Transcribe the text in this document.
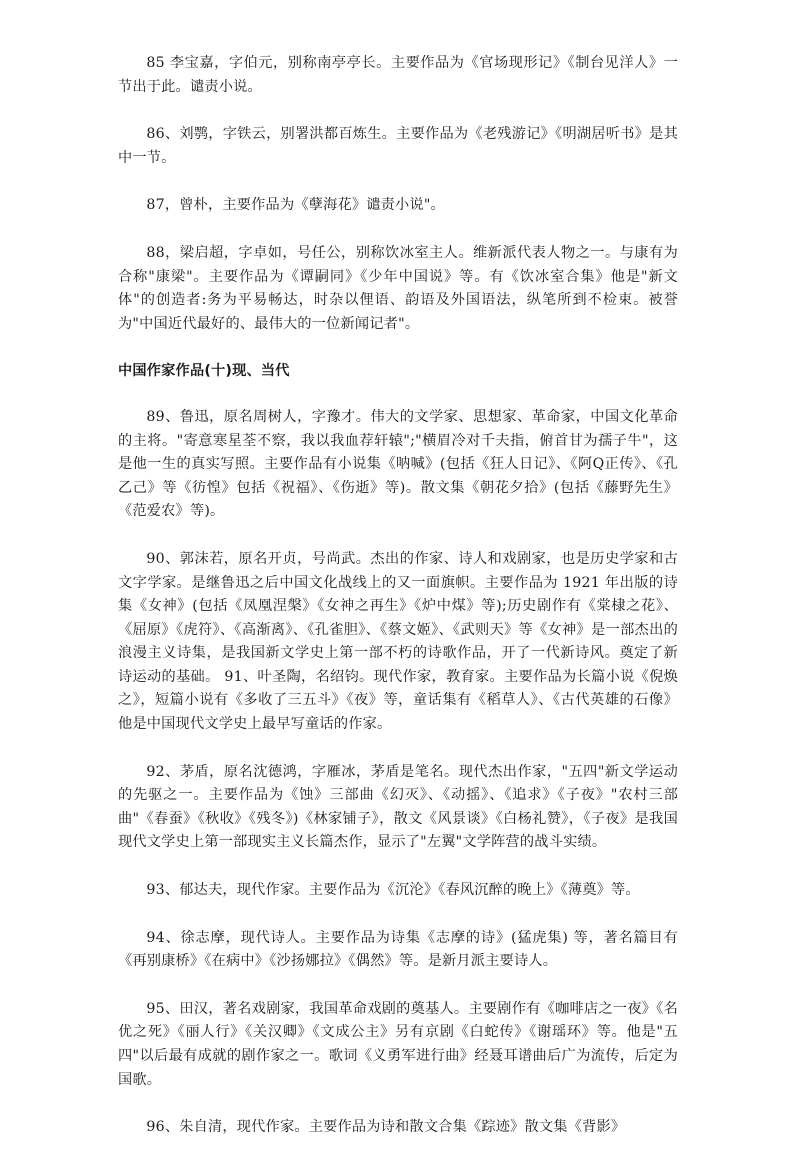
85 李宝嘉，字伯元，别称南亭亭长。主要作品为《官场现形记》《制台见洋人》一节出于此。谴责小说。

86、刘鹗，字铁云，别署洪都百炼生。主要作品为《老残游记》《明湖居听书》是其中一节。

87，曾朴，主要作品为《孽海花》谴责小说"。

88，梁启超，字卓如，号任公，别称饮冰室主人。维新派代表人物之一。与康有为合称"康梁"。主要作品为《谭嗣同》《少年中国说》等。有《饮冰室合集》他是"新文体"的创造者:务为平易畅达，时杂以俚语、韵语及外国语法，纵笔所到不检束。被誉为"中国近代最好的、最伟大的一位新闻记者"。

中国作家作品(十)现、当代

89、鲁迅，原名周树人，字豫才。伟大的文学家、思想家、革命家，中国文化革命的主将。"寄意寒星荃不察，我以我血荐轩辕";"横眉冷对千夫指，俯首甘为孺子牛"，这是他一生的真实写照。主要作品有小说集《呐喊》(包括《狂人日记》、《阿Q正传》、《孔乙己》等《彷惶》包括《祝福》、《伤逝》等)。散文集《朝花夕拾》(包括《藤野先生》《范爱农》等)。

90、郭沫若，原名开贞，号尚武。杰出的作家、诗人和戏剧家，也是历史学家和古文字学家。是继鲁迅之后中国文化战线上的又一面旗帜。主要作品为 1921 年出版的诗集《女神》(包括《凤凰涅槃》《女神之再生》《炉中煤》等);历史剧作有《棠棣之花》、《屈原》《虎符》、《高渐离》、《孔雀胆》、《蔡文姬》、《武则天》等《女神》是一部杰出的浪漫主义诗集，是我国新文学史上第一部不朽的诗歌作品，开了一代新诗风。奠定了新诗运动的基础。 91、叶圣陶，名绍钧。现代作家，教育家。主要作品为长篇小说《倪焕之》，短篇小说有《多收了三五斗》《夜》等，童话集有《稻草人》、《古代英雄的石像》他是中国现代文学史上最早写童话的作家。

92、茅盾，原名沈德鸿，字雁冰，茅盾是笔名。现代杰出作家，"五四"新文学运动的先驱之一。主要作品为《蚀》三部曲《幻灭》、《动摇》、《追求》《子夜》"农村三部曲"《春蚕》《秋收》《残冬》)《林家铺子》，散文《风景谈》《白杨礼赞》，《子夜》是我国现代文学史上第一部现实主义长篇杰作，显示了"左翼"文学阵营的战斗实绩。

93、郁达夫，现代作家。主要作品为《沉沦》《春风沉醉的晚上》《薄奠》等。

94、徐志摩，现代诗人。主要作品为诗集《志摩的诗》(猛虎集) 等，著名篇目有《再别康桥》《在病中》《沙扬娜拉》《偶然》等。是新月派主要诗人。

95、田汉，著名戏剧家，我国革命戏剧的奠基人。主要剧作有《咖啡店之一夜》《名优之死》《丽人行》《关汉卿》《文成公主》另有京剧《白蛇传》《谢瑶环》等。他是"五四"以后最有成就的剧作家之一。歌词《义勇军进行曲》经聂耳谱曲后广为流传，后定为国歌。

96、朱自清，现代作家。主要作品为诗和散文合集《踪迹》散文集《背影》
